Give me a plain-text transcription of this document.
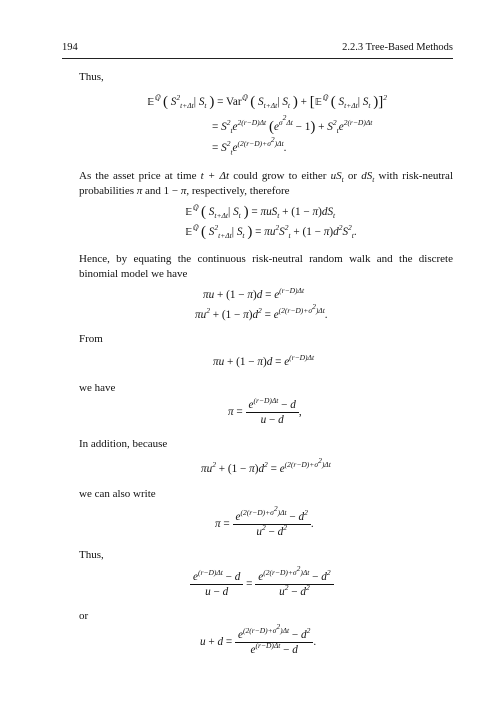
194	2.2.3 Tree-Based Methods
Thus,
𝔼$^ℚ$ ( $S^2_{t+\Delta t}|$ $S_t$ ) = Var$^ℚ$ ( $S_{t+\Delta t}|$ $S_t$ ) + [𝔼$^ℚ$ ( $S_{t+\Delta t}|$ $S_t$ )]$^2$
= $S^2_te^{2(r-D)\Delta t}$ $(e^{\sigma^2\Delta t} - 1) + S^2_te^{2(r-D)\Delta t}$
= $S^2_te^{(2(r-D)+\sigma^2)\Delta t}$.
As the asset price at time t + Δt could grow to either $uS_t$ or $dS_t$ with risk-neutral probabilities π and 1 − π, respectively, therefore
𝔼$^ℚ$ ( $S_{t+\Delta t}|$ $S_t$ ) = $\pi uS_t + (1 - \pi)dS_t$
𝔼$^ℚ$ ( $S^2_{t+\Delta t}|$ $S_t$ ) = $\pi u^2S^2_t + (1 - \pi)d^2S^2_t$.
Hence, by equating the continuous risk-neutral random walk and the discrete binomial model we have
$\pi u + (1 - \pi)d = e^{(r-D)\Delta t}$
$\pi u^2 + (1 - \pi)d^2 = e^{(2(r-D)+\sigma^2)\Delta t}$.
From
$\pi u + (1 - \pi)d = e^{(r-D)\Delta t}$
we have
$\pi = \frac{e^{(r-D)\Delta t} - d}{u - d}$ ,
In addition, because
$\pi u^2 + (1 - \pi)d^2 = e^{(2(r-D)+\sigma^2)\Delta t}$
we can also write
$\pi = \frac{e^{(2(r-D)+\sigma^2)\Delta t} - d^2}{u^2 - d^2}$ .
Thus,
$\frac{e^{(r-D)\Delta t} - d}{u - d} = \frac{e^{(2(r-D)+\sigma^2)\Delta t} - d^2}{u^2 - d^2}$
or
$u + d = \frac{e^{(2(r-D)+\sigma^2)\Delta t} - d^2}{e^{(r-D)\Delta t} - d}$ .
